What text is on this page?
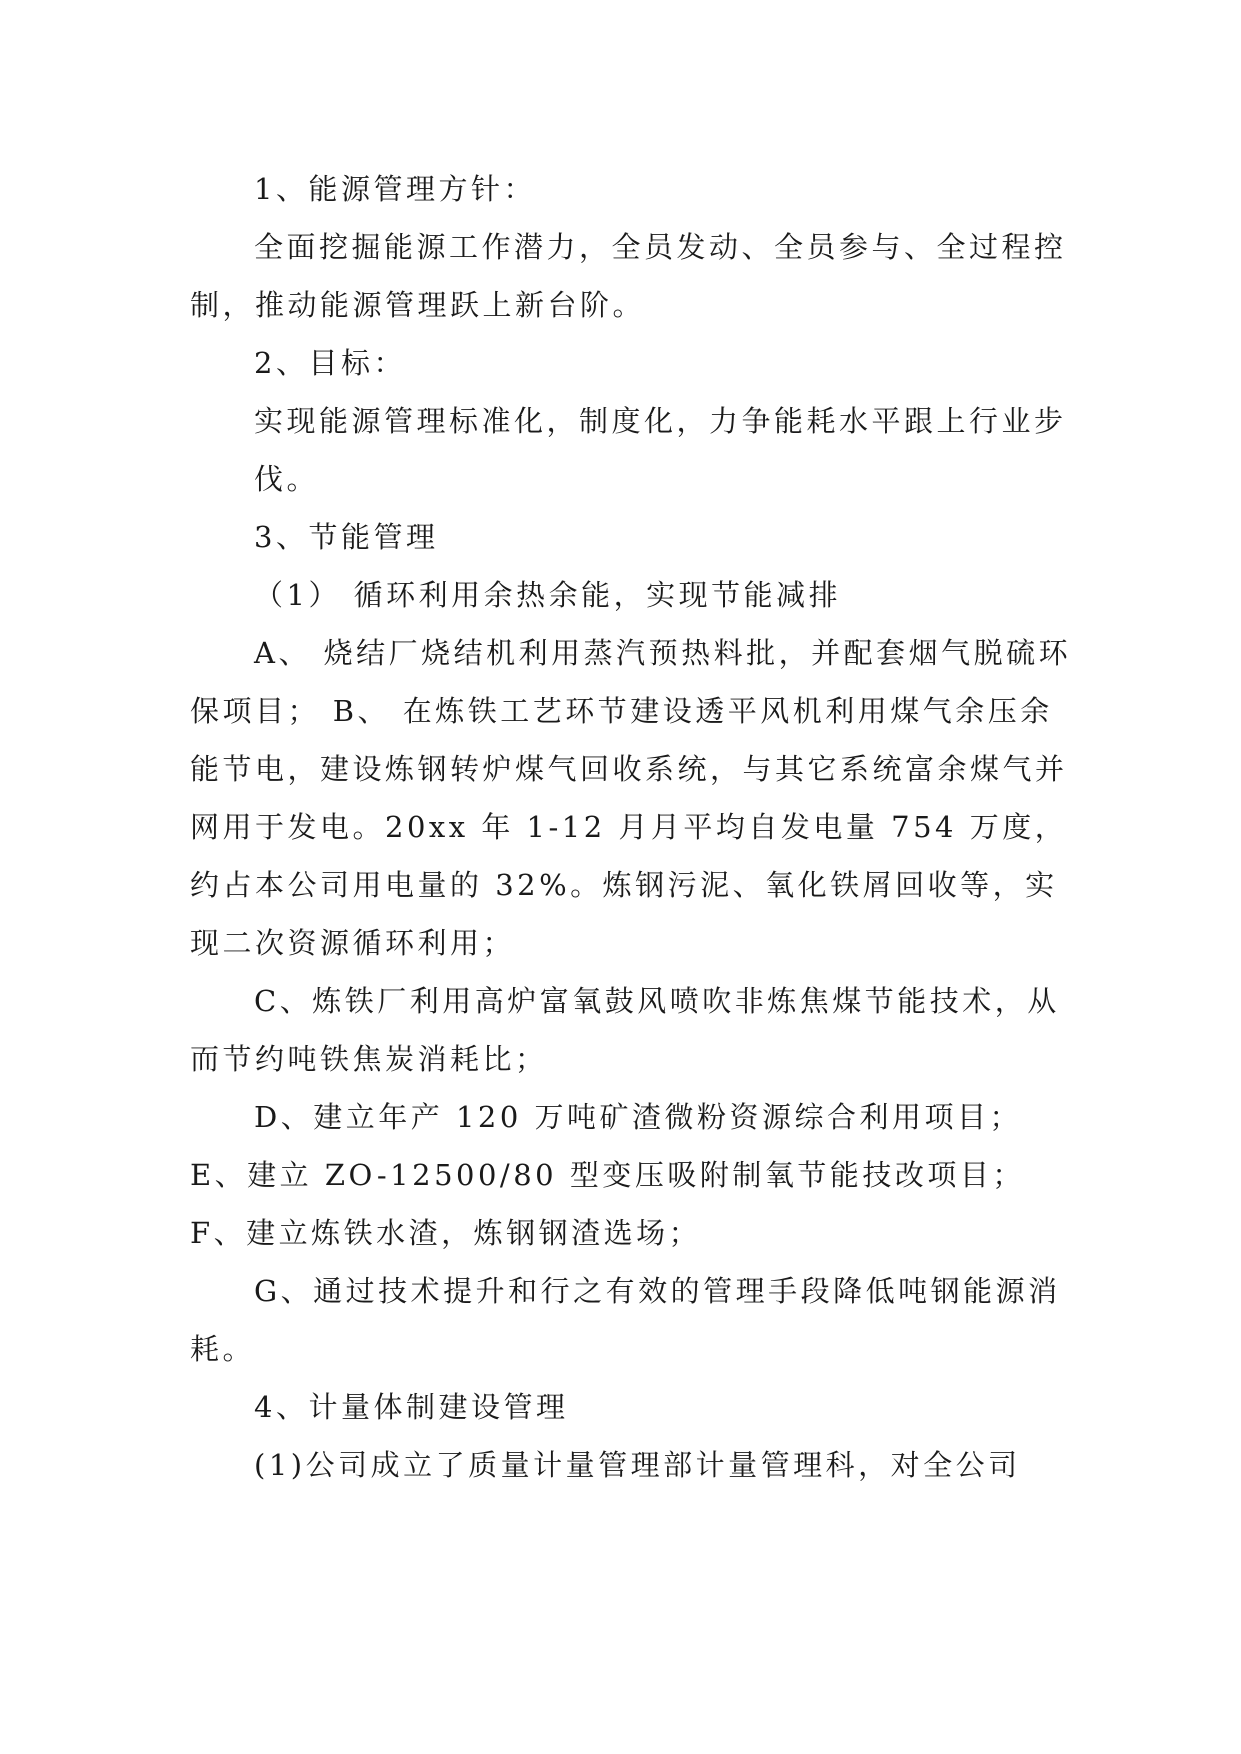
1、能源管理方针：

全面挖掘能源工作潜力，全员发动、全员参与、全过程控制，推动能源管理跃上新台阶。

2、目标：

实现能源管理标准化，制度化，力争能耗水平跟上行业步

伐。

3、节能管理

（1） 循环利用余热余能，实现节能减排

A、 烧结厂烧结机利用蒸汽预热料批，并配套烟气脱硫环保项目； B、 在炼铁工艺环节建设透平风机利用煤气余压余能节电，建设炼钢转炉煤气回收系统，与其它系统富余煤气并网用于发电。20xx 年 1-12 月月平均自发电量 754 万度，约占本公司用电量的 32%。炼钢污泥、氧化铁屑回收等，实现二次资源循环利用；

C、炼铁厂利用高炉富氧鼓风喷吹非炼焦煤节能技术，从而节约吨铁焦炭消耗比；

D、建立年产 120 万吨矿渣微粉资源综合利用项目； E、建立 ZO-12500/80 型变压吸附制氧节能技改项目； F、建立炼铁水渣，炼钢钢渣选场；

G、通过技术提升和行之有效的管理手段降低吨钢能源消耗。

4、计量体制建设管理

(1)公司成立了质量计量管理部计量管理科，对全公司
